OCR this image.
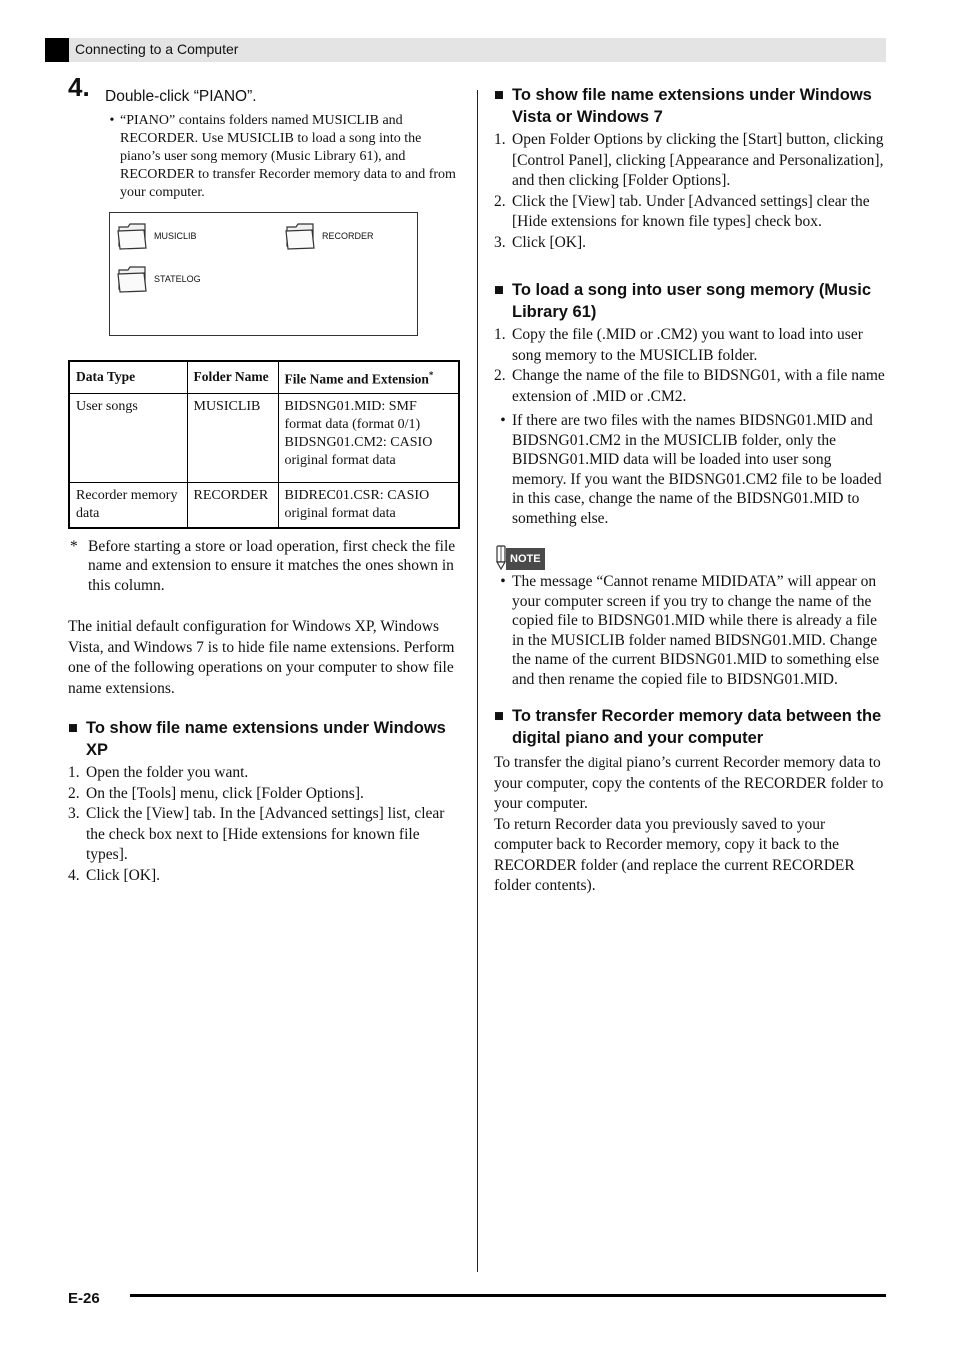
Connecting to a Computer
4. Double-click “PIANO”.
• “PIANO” contains folders named MUSICLIB and RECORDER. Use MUSICLIB to load a song into the piano’s user song memory (Music Library 61), and RECORDER to transfer Recorder memory data to and from your computer.
MUSICLIB	RECORDER
STATELOG
Data Type	Folder Name	File Name and Extension*
User songs	MUSICLIB	BIDSNG01.MID: SMF format data (format 0/1) BIDSNG01.CM2: CASIO original format data
Recorder memory data	RECORDER	BIDREC01.CSR: CASIO original format data
* Before starting a store or load operation, first check the file name and extension to ensure it matches the ones shown in this column.

The initial default configuration for Windows XP, Windows Vista, and Windows 7 is to hide file name extensions. Perform one of the following operations on your computer to show file name extensions.

■ To show file name extensions under Windows XP
1. Open the folder you want.
2. On the [Tools] menu, click [Folder Options].
3. Click the [View] tab. In the [Advanced settings] list, clear the check box next to [Hide extensions for known file types].
4. Click [OK].
■ To show file name extensions under Windows Vista or Windows 7
1. Open Folder Options by clicking the [Start] button, clicking [Control Panel], clicking [Appearance and Personalization], and then clicking [Folder Options].
2. Click the [View] tab. Under [Advanced settings] clear the [Hide extensions for known file types] check box.
3. Click [OK].
■ To load a song into user song memory (Music Library 61)
1. Copy the file (.MID or .CM2) you want to load into user song memory to the MUSICLIB folder.
2. Change the name of the file to BIDSNG01, with a file name extension of .MID or .CM2.
• If there are two files with the names BIDSNG01.MID and BIDSNG01.CM2 in the MUSICLIB folder, only the BIDSNG01.MID data will be loaded into user song memory. If you want the BIDSNG01.CM2 file to be loaded in this case, change the name of the BIDSNG01.MID to something else.
NOTE
• The message “Cannot rename MIDIDATA” will appear on your computer screen if you try to change the name of the copied file to BIDSNG01.MID while there is already a file in the MUSICLIB folder named BIDSNG01.MID. Change the name of the current BIDSNG01.MID to something else and then rename the copied file to BIDSNG01.MID.
■ To transfer Recorder memory data between the digital piano and your computer

To transfer the digital piano’s current Recorder memory data to your computer, copy the contents of the RECORDER folder to your computer.

To return Recorder data you previously saved to your computer back to Recorder memory, copy it back to the RECORDER folder (and replace the current RECORDER folder contents).

E-26
